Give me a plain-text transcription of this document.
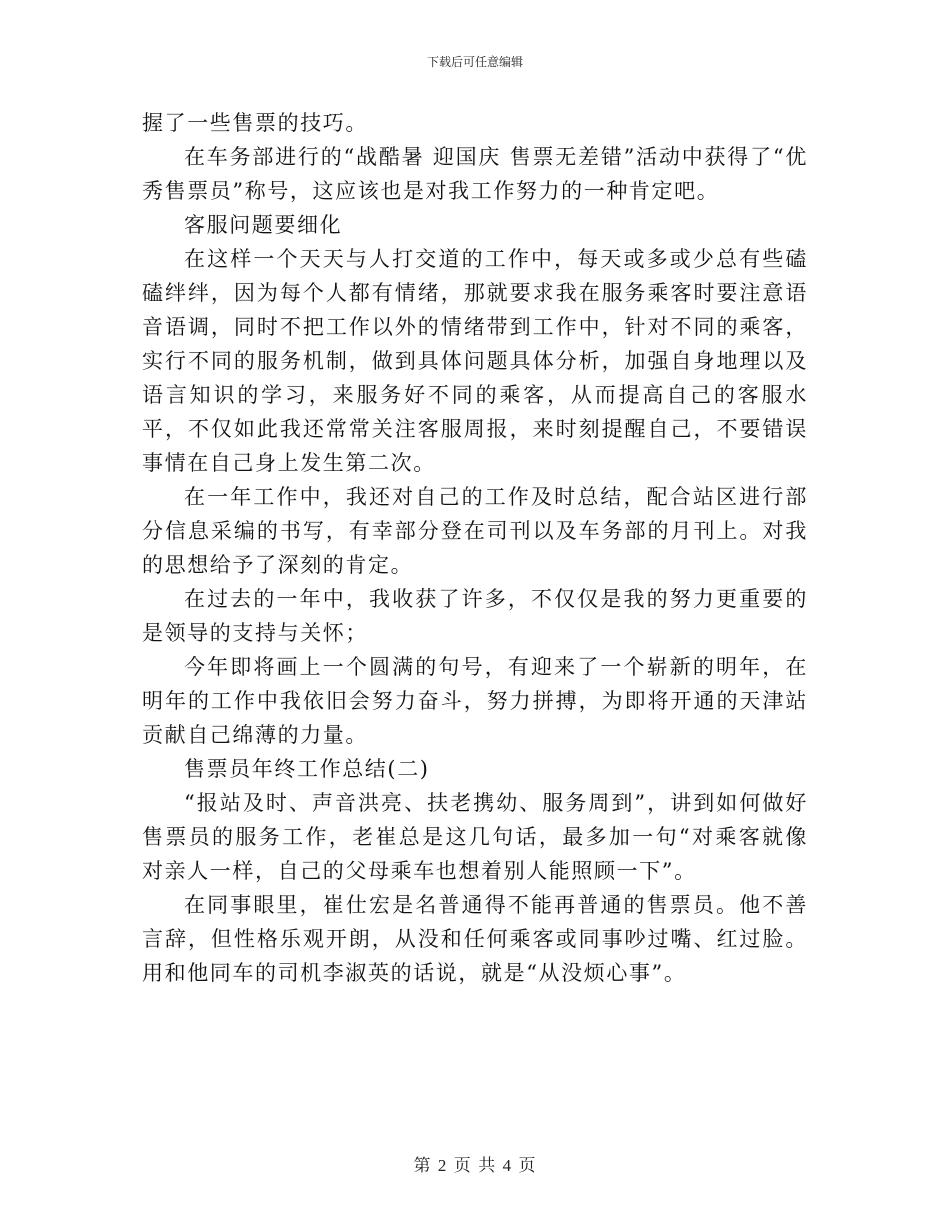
下载后可任意编辑

握了一些售票的技巧。

在车务部进行的“战酷暑 迎国庆 售票无差错”活动中获得了“优秀售票员”称号，这应该也是对我工作努力的一种肯定吧。

客服问题要细化

在这样一个天天与人打交道的工作中，每天或多或少总有些磕磕绊绊，因为每个人都有情绪，那就要求我在服务乘客时要注意语音语调，同时不把工作以外的情绪带到工作中，针对不同的乘客，实行不同的服务机制，做到具体问题具体分析，加强自身地理以及语言知识的学习，来服务好不同的乘客，从而提高自己的客服水平，不仅如此我还常常关注客服周报，来时刻提醒自己，不要错误事情在自己身上发生第二次。

在一年工作中，我还对自己的工作及时总结，配合站区进行部分信息采编的书写，有幸部分登在司刊以及车务部的月刊上。对我的思想给予了深刻的肯定。

在过去的一年中，我收获了许多，不仅仅是我的努力更重要的是领导的支持与关怀；

今年即将画上一个圆满的句号，有迎来了一个崭新的明年，在明年的工作中我依旧会努力奋斗，努力拼搏，为即将开通的天津站贡献自己绵薄的力量。

售票员年终工作总结(二)

“报站及时、声音洪亮、扶老携幼、服务周到”，讲到如何做好售票员的服务工作，老崔总是这几句话，最多加一句“对乘客就像对亲人一样，自己的父母乘车也想着别人能照顾一下”。

在同事眼里，崔仕宏是名普通得不能再普通的售票员。他不善言辞，但性格乐观开朗，从没和任何乘客或同事吵过嘴、红过脸。用和他同车的司机李淑英的话说，就是“从没烦心事”。

第 2 页 共 4 页
